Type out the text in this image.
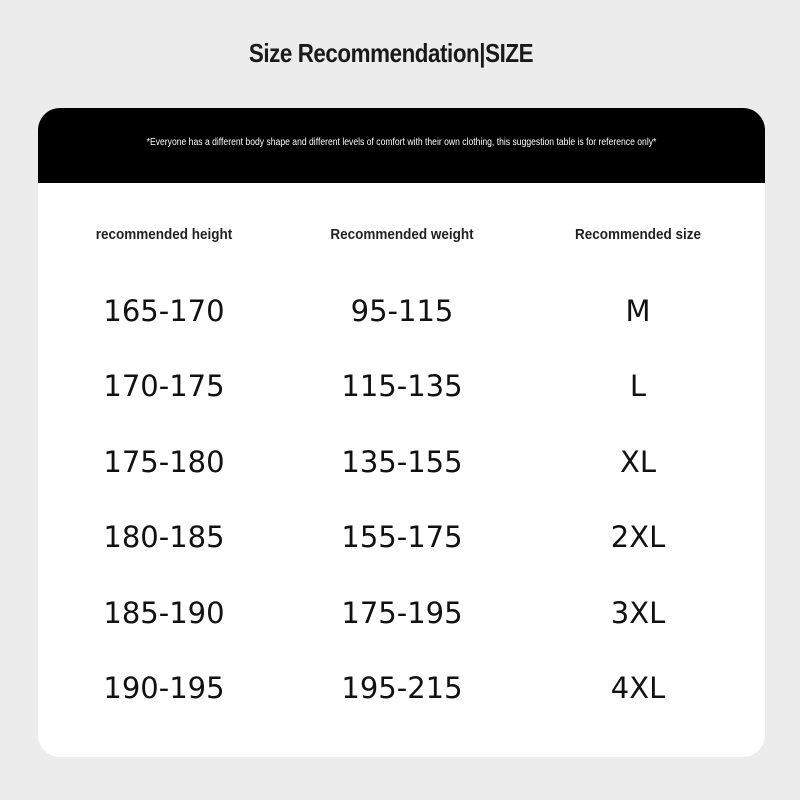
Size Recommendation|SIZE
*Everyone has a different body shape and different levels of comfort with their own clothing, this suggestion table is for reference only*
recommended height	Recommended weight	Recommended size
165-170	95-115	M
170-175	115-135	L
175-180	135-155	XL
180-185	155-175	2XL
185-190	175-195	3XL
190-195	195-215	4XL
